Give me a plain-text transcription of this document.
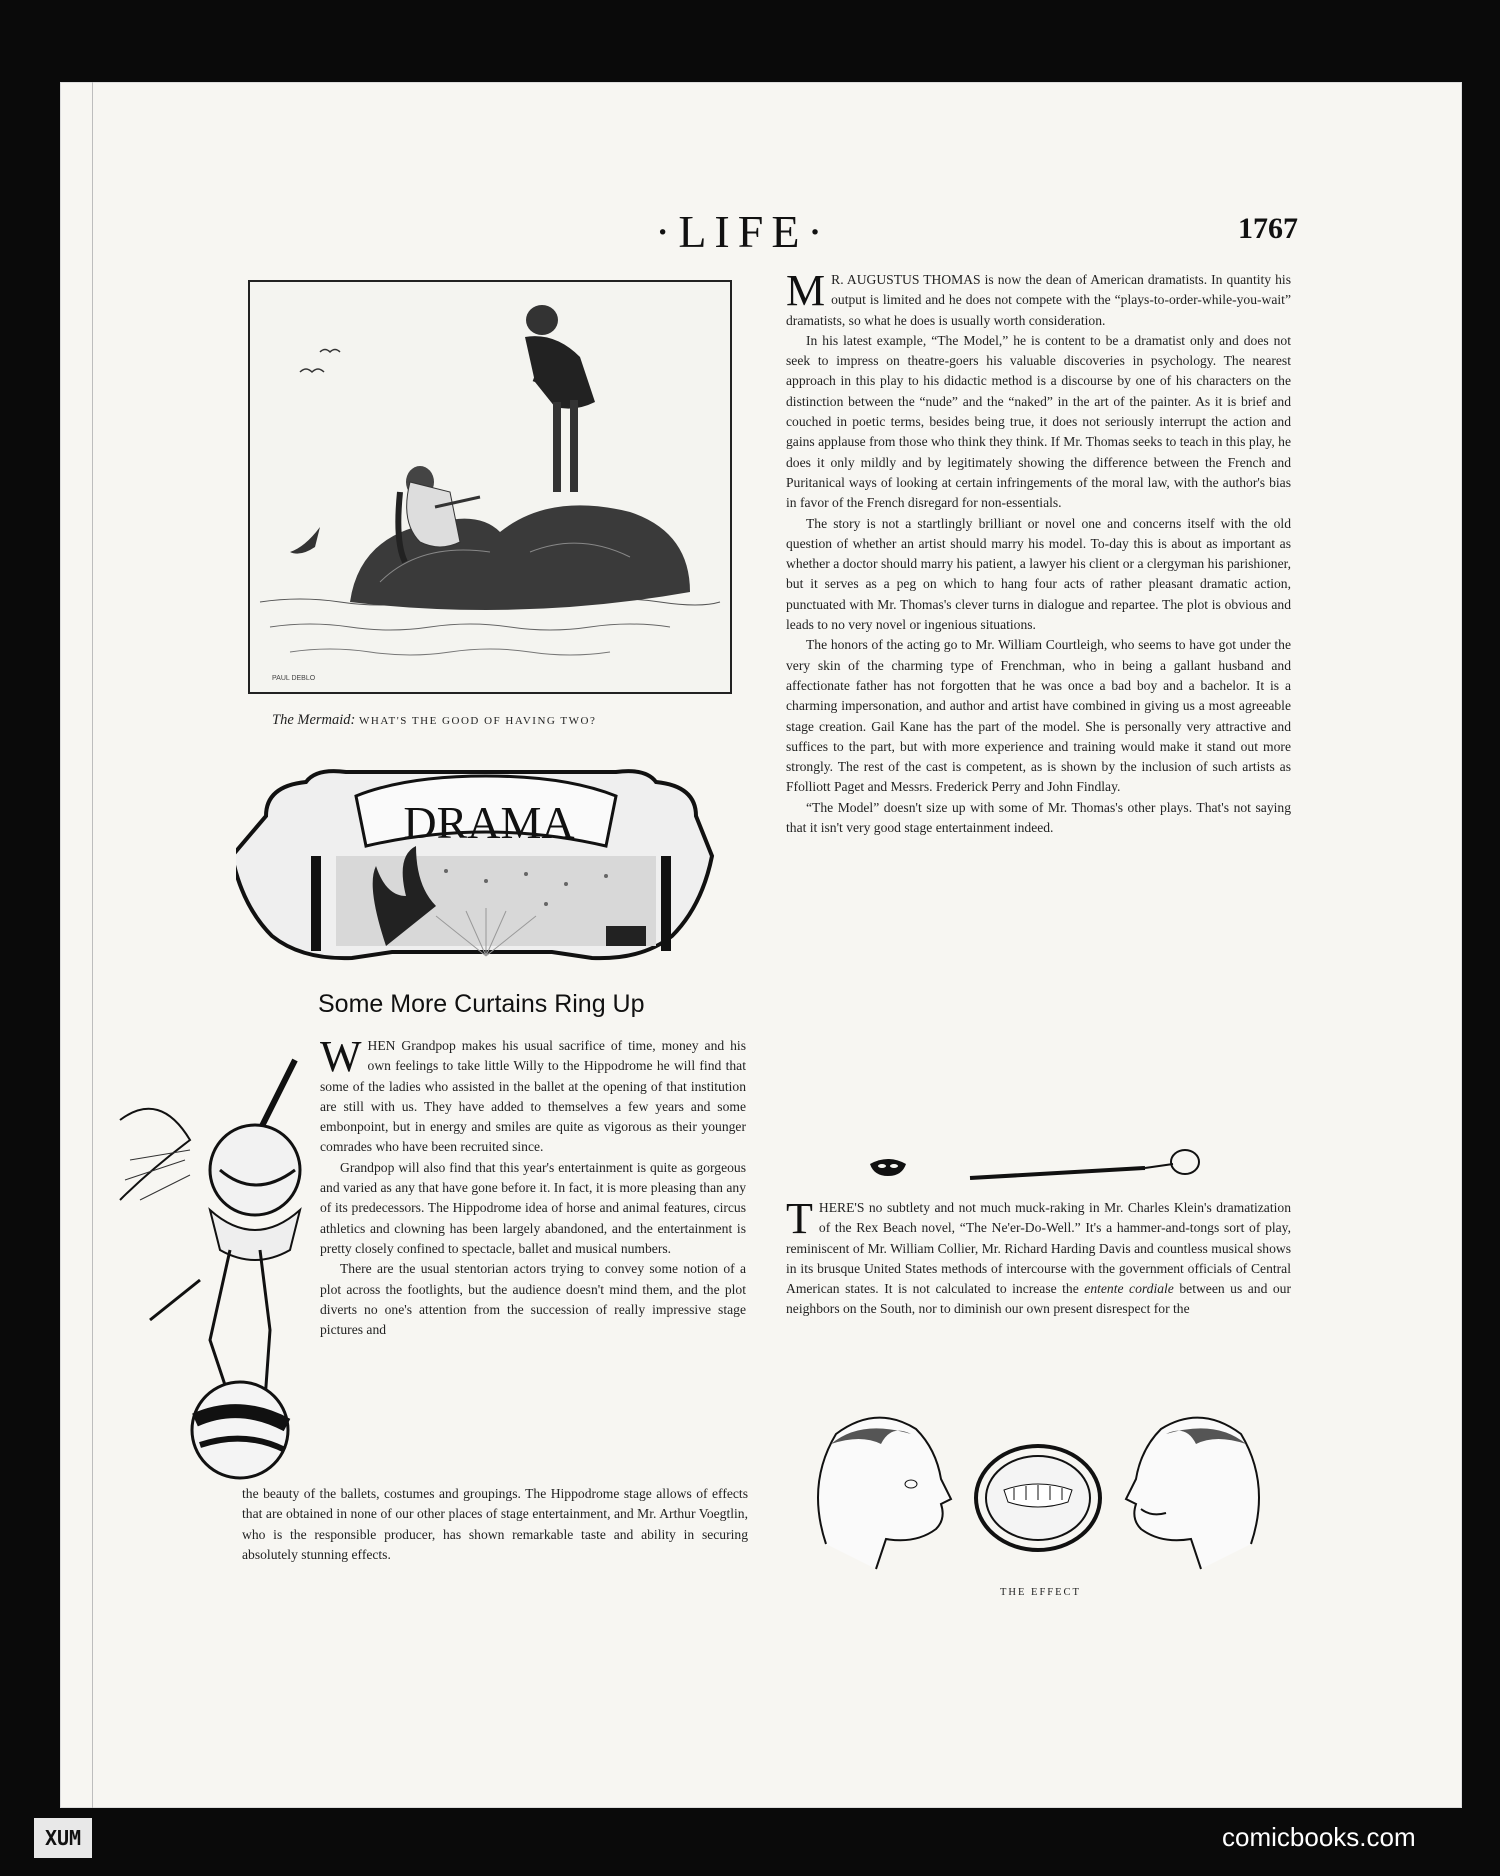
·LIFE·	1767
PAUL DEBLO
The Mermaid: WHAT'S THE GOOD OF HAVING TWO?
DRAMA
Some More Curtains Ring Up
W HEN Grandpop makes his usual sacrifice of time, money and his own feelings to take little Willy to the Hippodrome he will find that some of the ladies who assisted in the ballet at the opening of that institution are still with us. They have added to themselves a few years and some embonpoint, but in energy and smiles are quite as vigorous as their younger comrades who have been recruited since.

Grandpop will also find that this year's entertainment is quite as gorgeous and varied as any that have gone before it. In fact, it is more pleasing than any of its predecessors. The Hippodrome idea of horse and animal features, circus athletics and clowning has been largely abandoned, and the entertainment is pretty closely confined to spectacle, ballet and musical numbers.

There are the usual stentorian actors trying to convey some notion of a plot across the footlights, but the audience doesn't mind them, and the plot diverts no one's attention from the succession of really impressive stage pictures and

the beauty of the ballets, costumes and groupings. The Hippodrome stage allows of effects that are obtained in none of our other places of stage entertainment, and Mr. Arthur Voegtlin, who is the responsible producer, has shown remarkable taste and ability in securing absolutely stunning effects.

M R. AUGUSTUS THOMAS is now the dean of American dramatists. In quantity his output is limited and he does not compete with the “plays-to-order-while-you-wait” dramatists, so what he does is usually worth consideration.

In his latest example, “The Model,” he is content to be a dramatist only and does not seek to impress on theatre-goers his valuable discoveries in psychology. The nearest approach in this play to his didactic method is a discourse by one of his characters on the distinction between the “nude” and the “naked” in the art of the painter. As it is brief and couched in poetic terms, besides being true, it does not seriously interrupt the action and gains applause from those who think they think. If Mr. Thomas seeks to teach in this play, he does it only mildly and by legitimately showing the difference between the French and Puritanical ways of looking at certain infringements of the moral law, with the author's bias in favor of the French disregard for non-essentials.

The story is not a startlingly brilliant or novel one and concerns itself with the old question of whether an artist should marry his model. To-day this is about as important as whether a doctor should marry his patient, a lawyer his client or a clergyman his parishioner, but it serves as a peg on which to hang four acts of rather pleasant dramatic action, punctuated with Mr. Thomas's clever turns in dialogue and repartee. The plot is obvious and leads to no very novel or ingenious situations.

The honors of the acting go to Mr. William Courtleigh, who seems to have got under the very skin of the charming type of Frenchman, who in being a gallant husband and affectionate father has not forgotten that he was once a bad boy and a bachelor. It is a charming impersonation, and author and artist have combined in giving us a most agreeable stage creation. Gail Kane has the part of the model. She is personally very attractive and suffices to the part, but with more experience and training would make it stand out more strongly. The rest of the cast is competent, as is shown by the inclusion of such artists as Ffolliott Paget and Messrs. Frederick Perry and John Findlay.

“The Model” doesn't size up with some of Mr. Thomas's other plays. That's not saying that it isn't very good stage entertainment indeed.

T HERE'S no subtlety and not much muck-raking in Mr. Charles Klein's dramatization of the Rex Beach novel, “The Ne'er-Do-Well.” It's a hammer-and-tongs sort of play, reminiscent of Mr. William Collier, Mr. Richard Harding Davis and countless musical shows in its brusque United States methods of intercourse with the government officials of Central American states. It is not calculated to increase the entente cordiale between us and our neighbors on the South, nor to diminish our own present disrespect for the

THE EFFECT
XUM	comicbooks.com
